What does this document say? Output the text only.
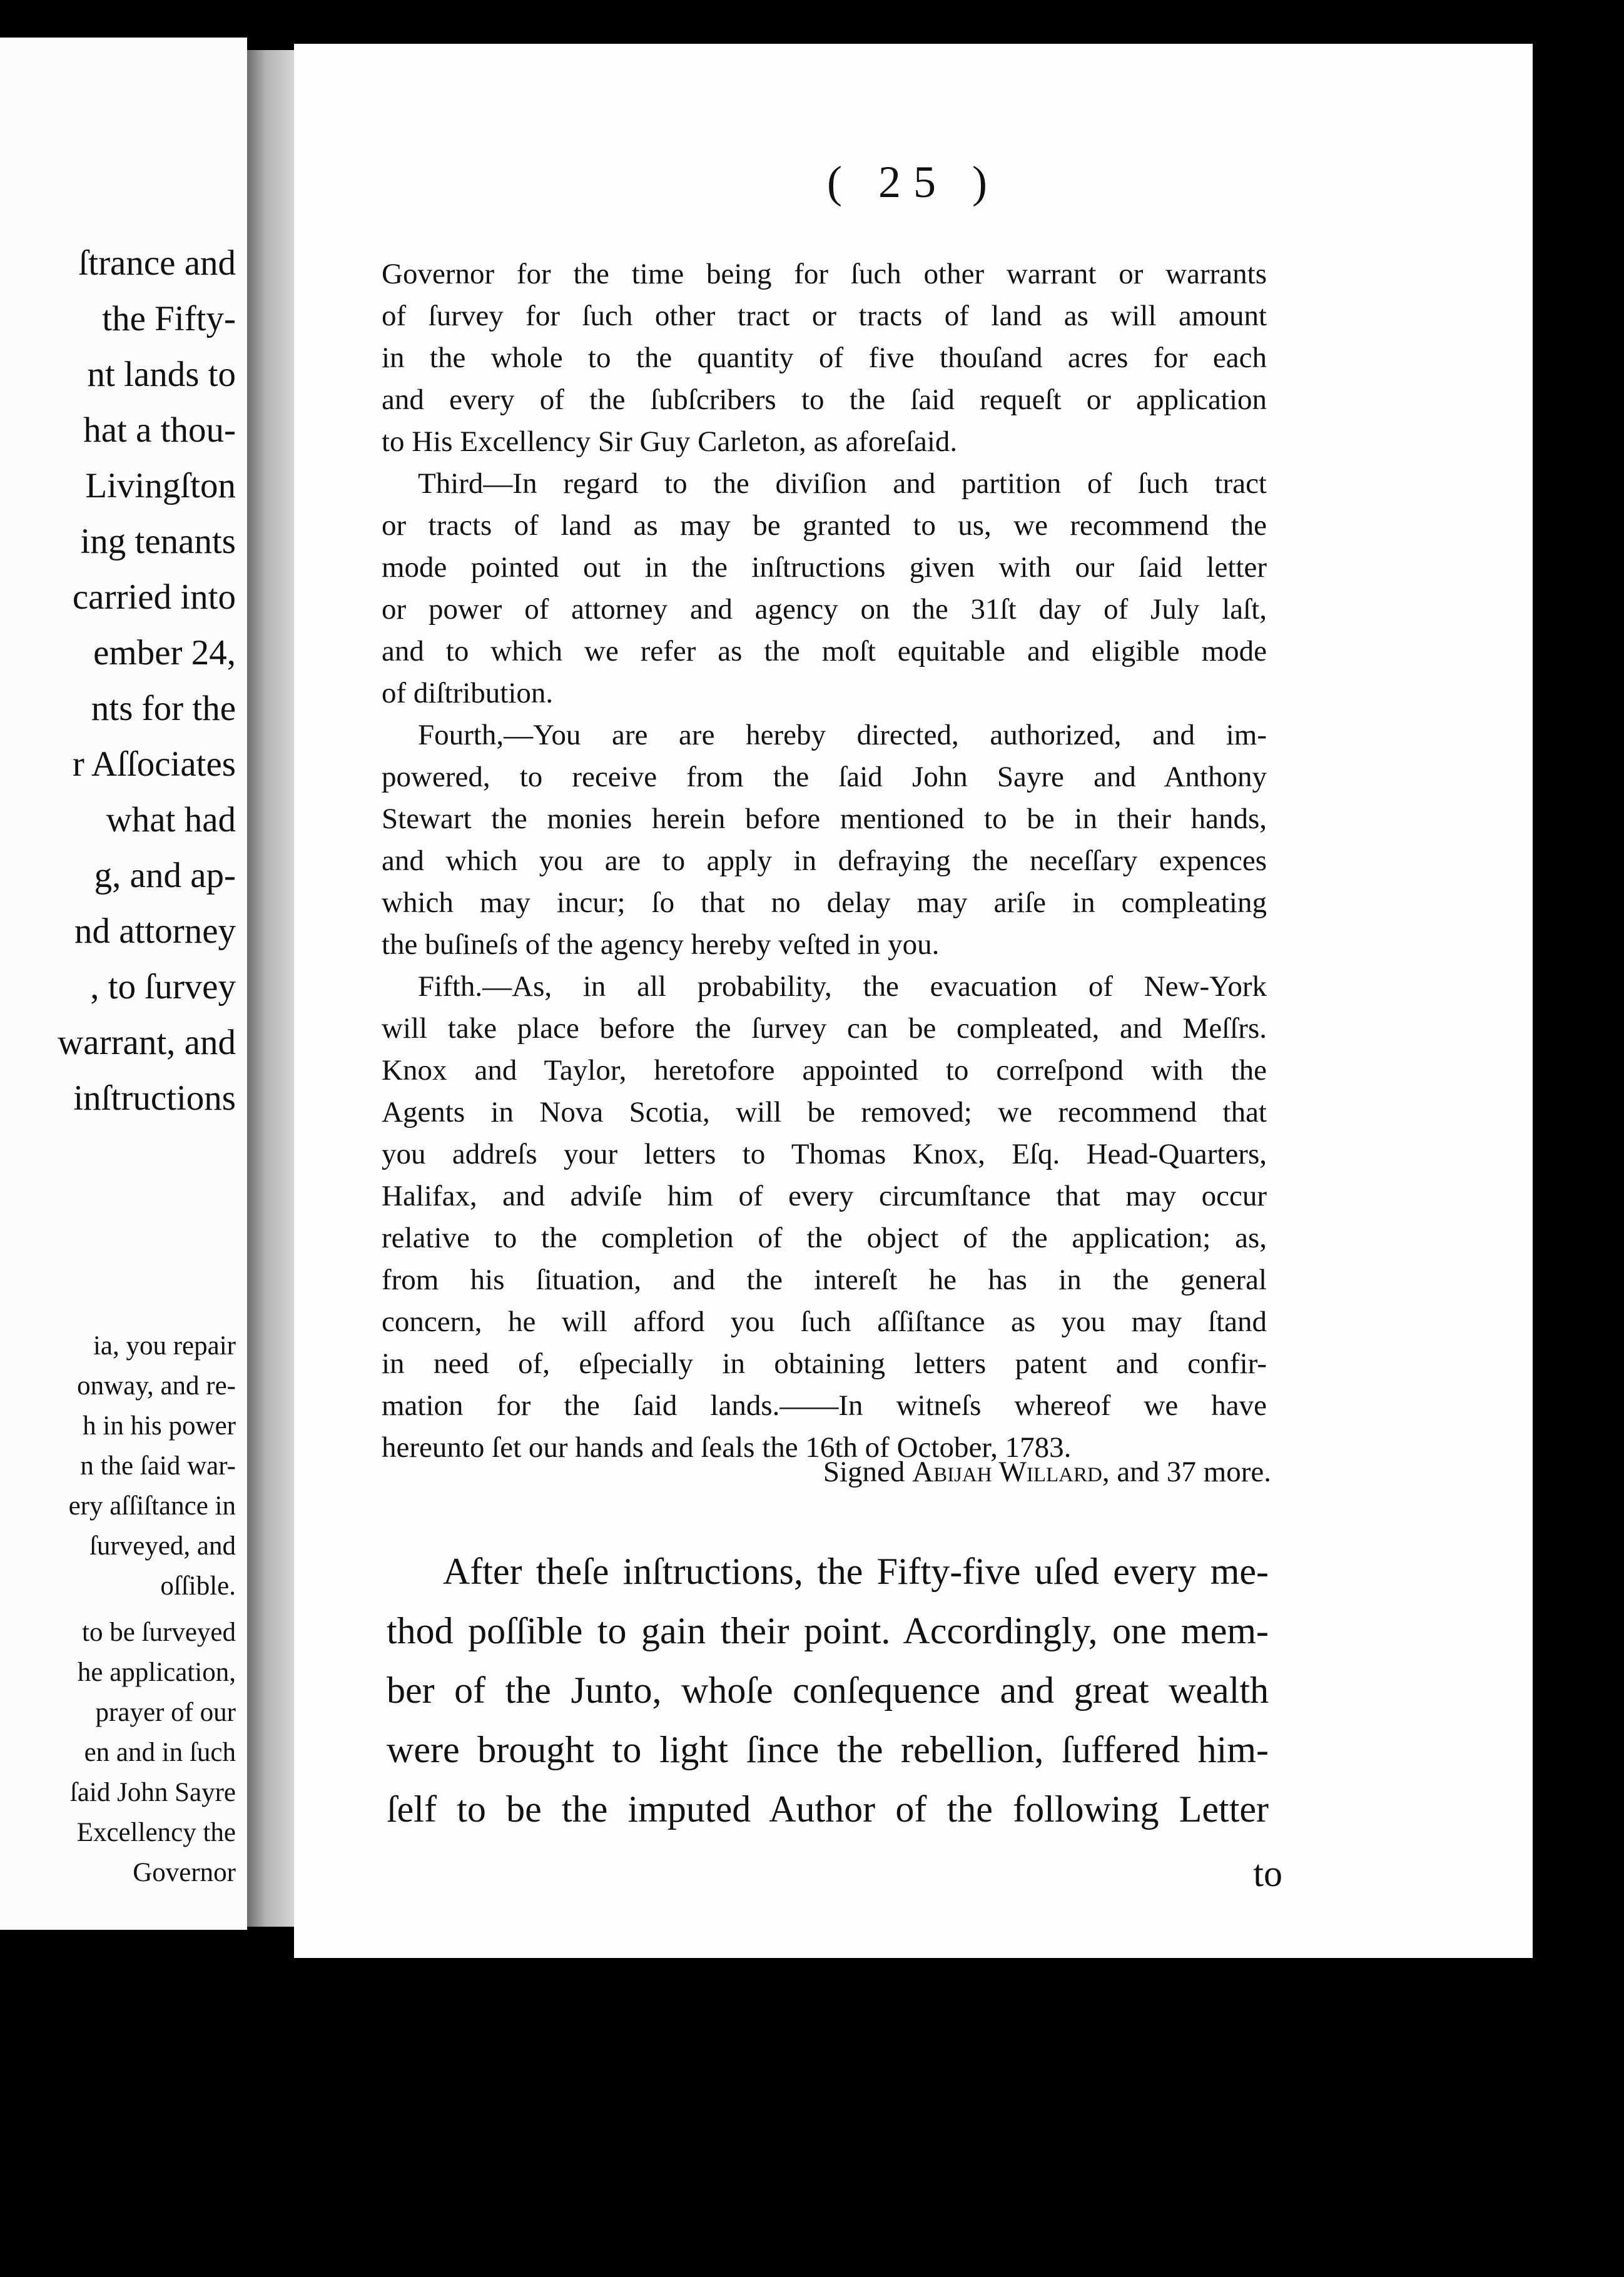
ſtrance and
the Fifty-
nt lands to
hat a thou-
Livingſton
ing tenants
carried into
ember 24,
nts for the
r Aſſociates
what had
g, and ap-
nd attorney
, to ſurvey
warrant, and
inſtructions
ia, you repair
onway, and re-
h in his power
n the ſaid war-
ery aſſiſtance in
ſurveyed, and
oſſible.
to be ſurveyed
he application,
prayer of our
en and in ſuch
ſaid John Sayre
Excellency the
Governor
( 25 )
Governor for the time being for ſuch other warrant or warrants
of ſurvey for ſuch other tract or tracts of land as will amount
in the whole to the quantity of five thouſand acres for each
and every of the ſubſcribers to the ſaid requeſt or application
to His Excellency Sir Guy Carleton, as aforeſaid.
Third—In regard to the diviſion and partition of ſuch tract
or tracts of land as may be granted to us, we recommend the
mode pointed out in the inſtructions given with our ſaid letter
or power of attorney and agency on the 31ſt day of July laſt,
and to which we refer as the moſt equitable and eligible mode
of diſtribution.
Fourth,—You are are hereby directed, authorized, and im-
powered, to receive from the ſaid John Sayre and Anthony
Stewart the monies herein before mentioned to be in their hands,
and which you are to apply in defraying the neceſſary expences
which may incur; ſo that no delay may ariſe in compleating
the buſineſs of the agency hereby veſted in you.
Fifth.—As, in all probability, the evacuation of New-York
will take place before the ſurvey can be compleated, and Meſſrs.
Knox and Taylor, heretofore appointed to correſpond with the
Agents in Nova Scotia, will be removed; we recommend that
you addreſs your letters to Thomas Knox, Eſq. Head-Quarters,
Halifax, and adviſe him of every circumſtance that may occur
relative to the completion of the object of the application; as,
from his ſituation, and the intereſt he has in the general
concern, he will afford you ſuch aſſiſtance as you may ſtand
in need of, eſpecially in obtaining letters patent and confir-
mation for the ſaid lands.——In witneſs whereof we have
hereunto ſet our hands and ſeals the 16th of October, 1783.
Signed Abijah Willard, and 37 more.
After theſe inſtructions, the Fifty-five uſed every me-
thod poſſible to gain their point. Accordingly, one mem-
ber of the Junto, whoſe conſequence and great wealth
were brought to light ſince the rebellion, ſuffered him-
ſelf to be the imputed Author of the following Letter
to
